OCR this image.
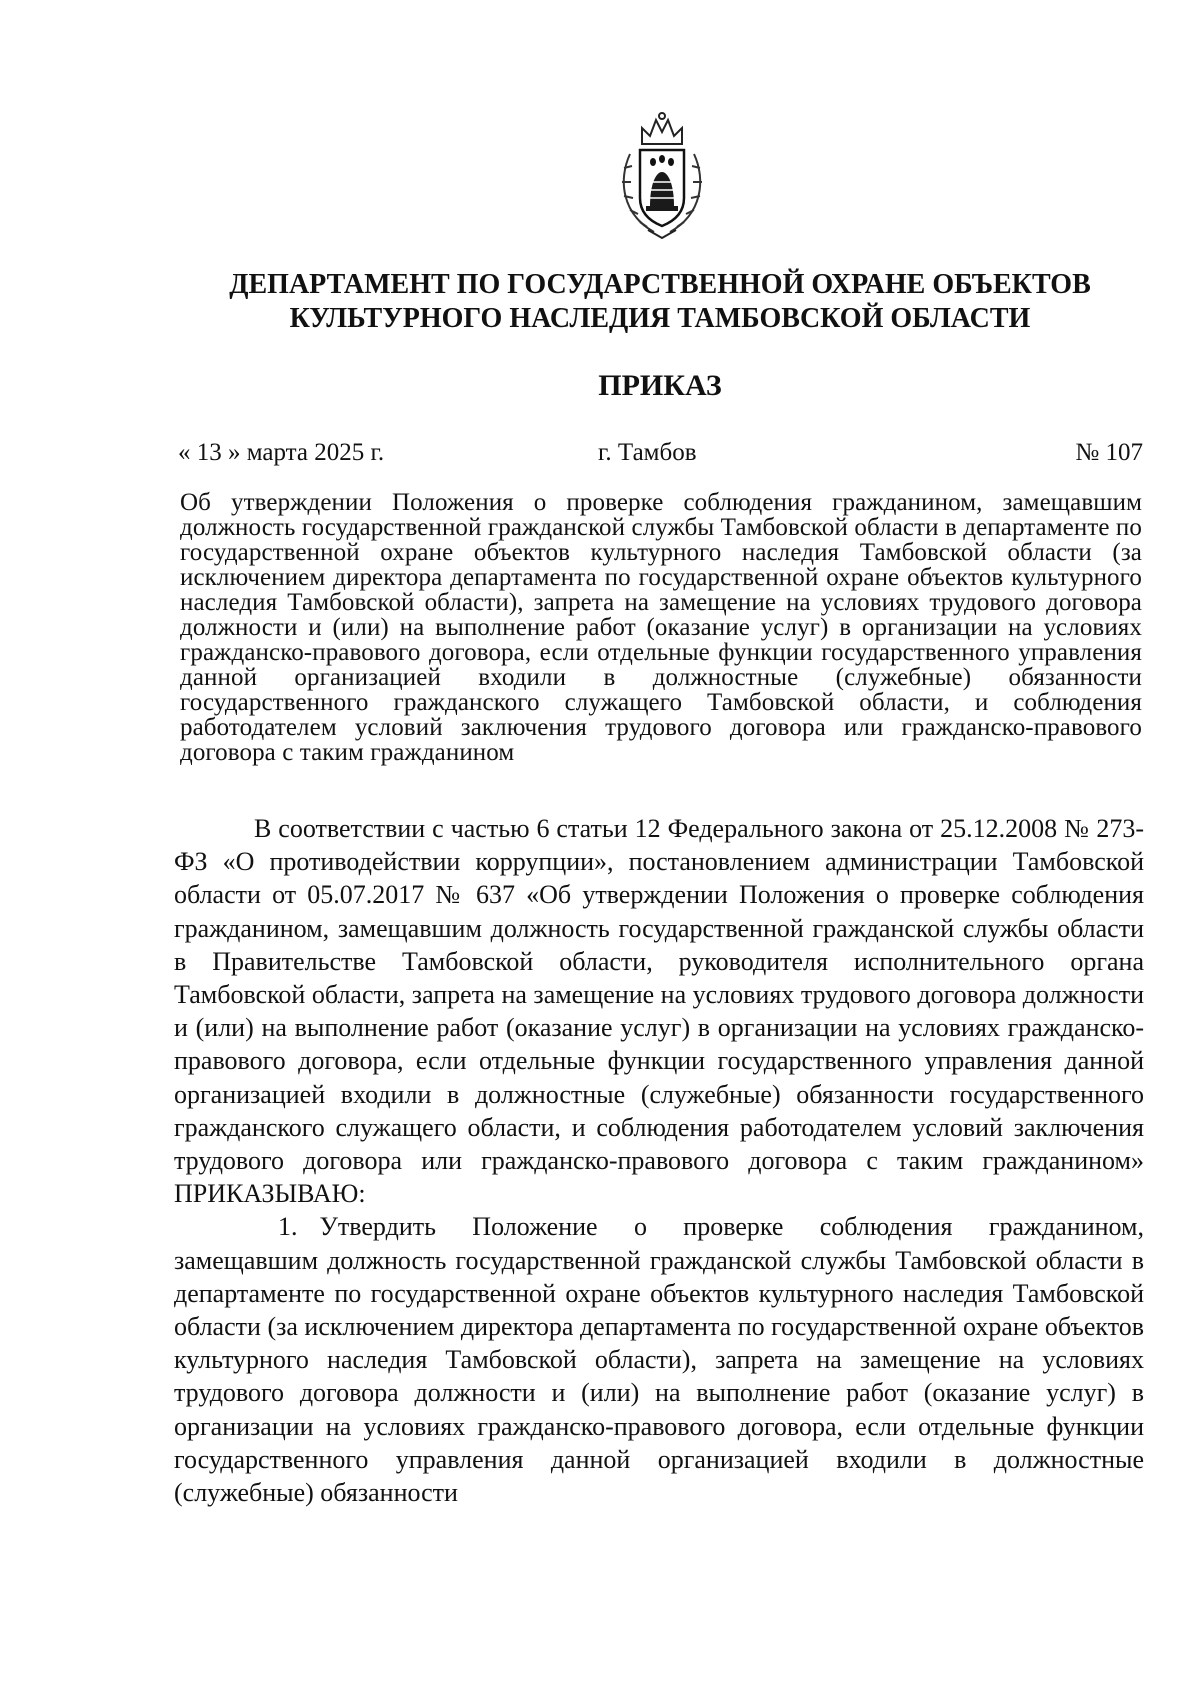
ДЕПАРТАМЕНТ ПО ГОСУДАРСТВЕННОЙ ОХРАНЕ ОБЪЕКТОВ КУЛЬТУРНОГО НАСЛЕДИЯ ТАМБОВСКОЙ ОБЛАСТИ
ПРИКАЗ
« 13 » марта 2025 г.	г. Тамбов	№ 107

Об утверждении Положения о проверке соблюдения гражданином, замещавшим должность государственной гражданской службы Тамбовской области в департаменте по государственной охране объектов культурного наследия Тамбовской области (за исключением директора департамента по государственной охране объектов культурного наследия Тамбовской области), запрета на замещение на условиях трудового договора должности и (или) на выполнение работ (оказание услуг) в организации на условиях гражданско-правового договора, если отдельные функции государственного управления данной организацией входили в должностные (служебные) обязанности государственного гражданского служащего Тамбовской области, и соблюдения работодателем условий заключения трудового договора или гражданско-правового договора с таким гражданином

В соответствии с частью 6 статьи 12 Федерального закона от 25.12.2008 № 273-ФЗ «О противодействии коррупции», постановлением администрации Тамбовской области от 05.07.2017 № 637 «Об утверждении Положения о проверке соблюдения гражданином, замещавшим должность государственной гражданской службы области в Правительстве Тамбовской области, руководителя исполнительного органа Тамбовской области, запрета на замещение на условиях трудового договора должности и (или) на выполнение работ (оказание услуг) в организации на условиях гражданско-правового договора, если отдельные функции государственного управления данной организацией входили в должностные (служебные) обязанности государственного гражданского служащего области, и соблюдения работодателем условий заключения трудового договора или гражданско-правового договора с таким гражданином» ПРИКАЗЫВАЮ:

1. Утвердить Положение о проверке соблюдения гражданином, замещавшим должность государственной гражданской службы Тамбовской области в департаменте по государственной охране объектов культурного наследия Тамбовской области (за исключением директора департамента по государственной охране объектов культурного наследия Тамбовской области), запрета на замещение на условиях трудового договора должности и (или) на выполнение работ (оказание услуг) в организации на условиях гражданско-правового договора, если отдельные функции государственного управления данной организацией входили в должностные (служебные) обязанности
